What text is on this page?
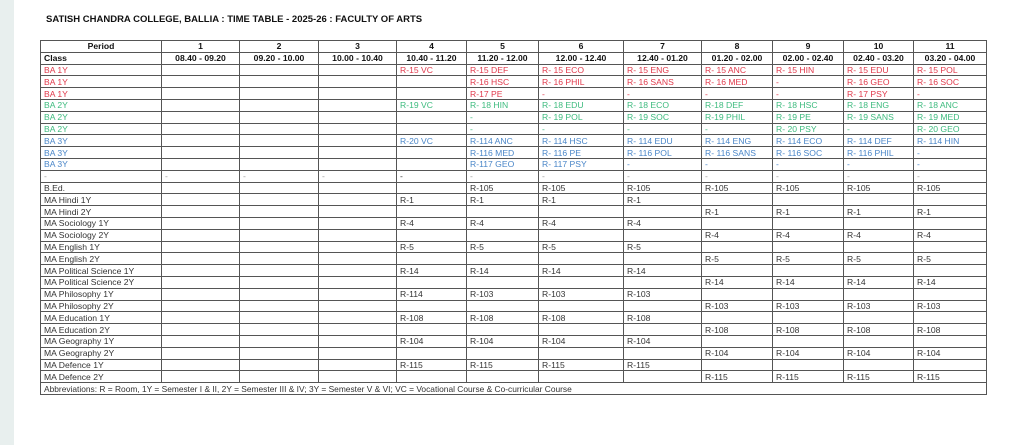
SATISH CHANDRA COLLEGE, BALLIA : TIME TABLE - 2025-26 : FACULTY OF ARTS
Period	1	2	3	4	5	6	7	8	9	10	11
Class	08.40 - 09.20	09.20 - 10.00	10.00 - 10.40	10.40 - 11.20	11.20 - 12.00	12.00 - 12.40	12.40 - 01.20	01.20 - 02.00	02.00 - 02.40	02.40 - 03.20	03.20 - 04.00
BA 1Y				R-15 VC	R-15 DEF	R- 15 ECO	R- 15 ENG	R- 15 ANC	R- 15 HIN	R- 15 EDU	R- 15 POL
BA 1Y					R-16 HSC	R- 16 PHIL	R- 16 SANS	R- 16 MED	-	R- 16 GEO	R- 16 SOC
BA 1Y					R-17 PE	-	-	-	-	R- 17 PSY	-
BA 2Y				R-19 VC	R- 18 HIN	R- 18 EDU	R- 18 ECO	R-18 DEF	R- 18 HSC	R- 18 ENG	R- 18 ANC
BA 2Y					-	R- 19 POL	R- 19 SOC	R-19 PHIL	R- 19 PE	R- 19 SANS	R- 19 MED
BA 2Y					-	-	-	-	R- 20 PSY	-	R- 20 GEO
BA 3Y				R-20 VC	R-114 ANC	R- 114 HSC	R- 114 EDU	R- 114 ENG	R- 114 ECO	R- 114 DEF	R- 114 HIN
BA 3Y					R-116 MED	R- 116 PE	R- 116 POL	R- 116 SANS	R- 116 SOC	R- 116 PHIL	-
BA 3Y					R-117 GEO	R- 117 PSY	-	-	-	-	-
-	-	-	-	-	-	-	-	-	-	-	-
B.Ed.					R-105	R-105	R-105	R-105	R-105	R-105	R-105
MA Hindi 1Y				R-1	R-1	R-1	R-1				
MA Hindi 2Y								R-1	R-1	R-1	R-1
MA Sociology 1Y				R-4	R-4	R-4	R-4				
MA Sociology 2Y								R-4	R-4	R-4	R-4
MA English 1Y				R-5	R-5	R-5	R-5				
MA English 2Y								R-5	R-5	R-5	R-5
MA Political Science 1Y				R-14	R-14	R-14	R-14				
MA Political Science 2Y								R-14	R-14	R-14	R-14
MA Philosophy 1Y				R-114	R-103	R-103	R-103				
MA Philosophy 2Y								R-103	R-103	R-103	R-103
MA Education 1Y				R-108	R-108	R-108	R-108				
MA Education 2Y								R-108	R-108	R-108	R-108
MA Geography 1Y				R-104	R-104	R-104	R-104				
MA Geography 2Y								R-104	R-104	R-104	R-104
MA Defence 1Y				R-115	R-115	R-115	R-115				
MA Defence 2Y								R-115	R-115	R-115	R-115
Abbreviations: R = Room, 1Y = Semester I & II, 2Y = Semester III & IV; 3Y = Semester V & VI; VC = Vocational Course & Co-curricular Course											
